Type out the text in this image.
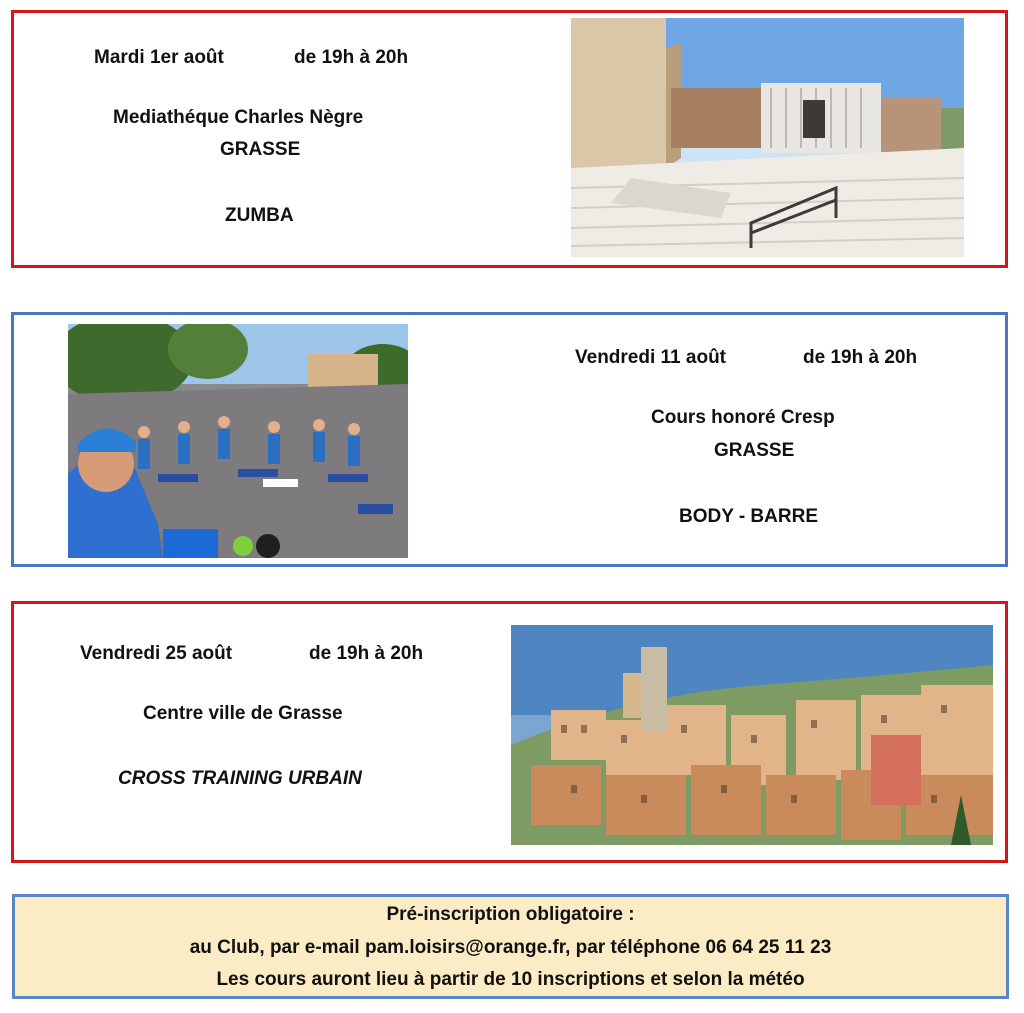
Mardi 1er août	de 19h à 20h
Mediathéque Charles Nègre
GRASSE
ZUMBA
Vendredi 11 août	de 19h à 20h
Cours honoré Cresp
GRASSE
BODY - BARRE
Vendredi 25 août	de 19h à 20h
Centre ville de Grasse
CROSS TRAINING URBAIN
Pré-inscription obligatoire :
au Club, par e-mail pam.loisirs@orange.fr, par téléphone 06 64 25 11 23
Les cours auront lieu à partir de 10 inscriptions et selon la météo
